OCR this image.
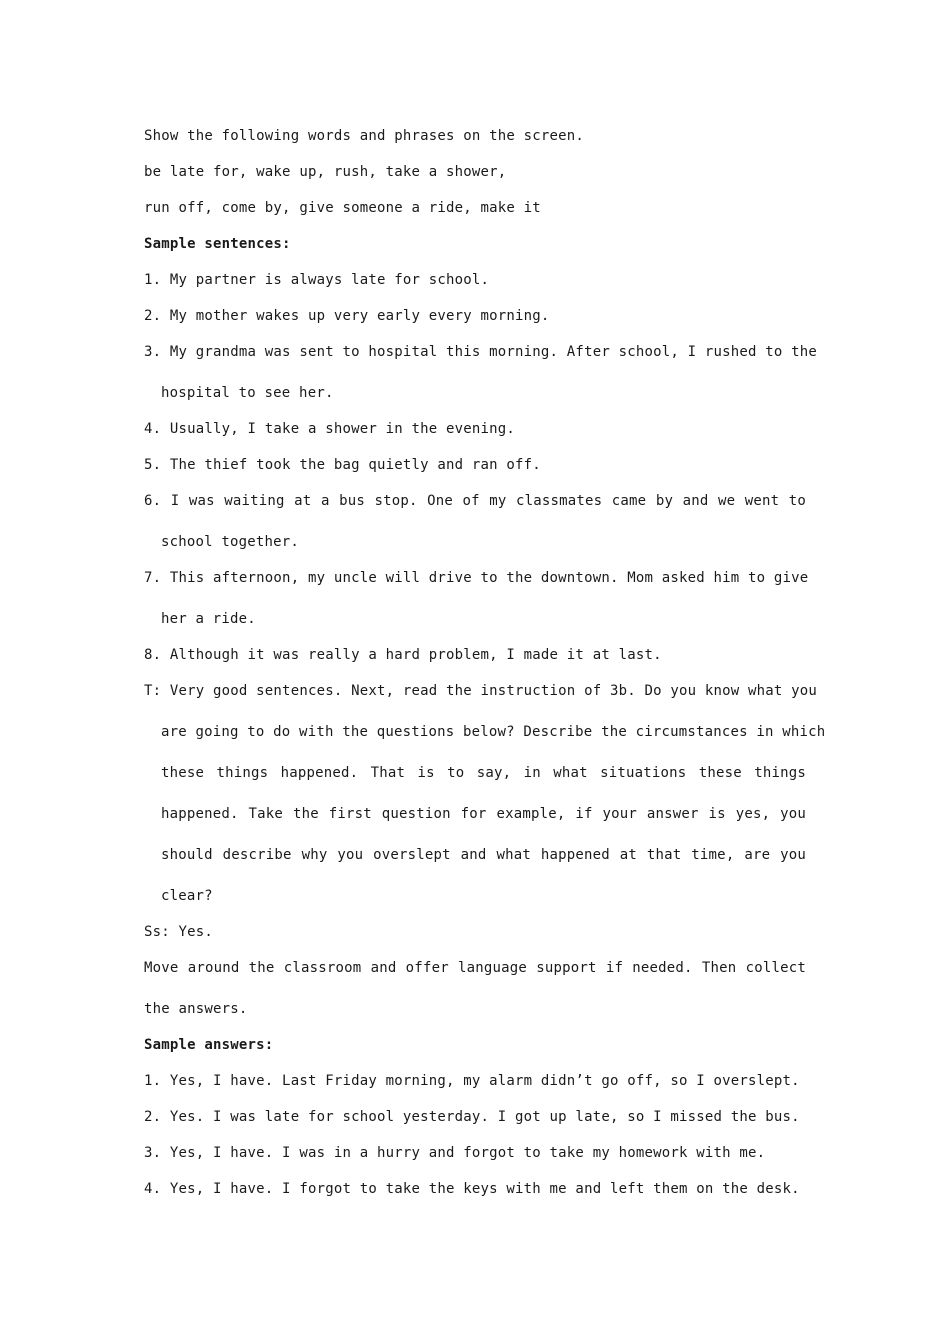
Show the following words and phrases on the screen.
be late for, wake up, rush, take a shower,
run off, come by, give someone a ride, make it
Sample sentences:
1. My partner is always late for school.
2. My mother wakes up very early every morning.
3. My grandma was sent to hospital this morning. After school, I rushed to the
hospital to see her.
4. Usually, I take a shower in the evening.
5. The thief took the bag quietly and ran off.
6. I was waiting at a bus stop. One of my classmates came by and we went to
school together.
7. This afternoon, my uncle will drive to the downtown. Mom asked him to give
her a ride.
8. Although it was really a hard problem, I made it at last.
T: Very good sentences. Next, read the instruction of 3b. Do you know what you
are going to do with the questions below? Describe the circumstances in which
these things happened. That is to say, in what situations these things
happened. Take the first question for example, if your answer is yes, you
should describe why you overslept and what happened at that time, are you
clear?
Ss: Yes.
Move around the classroom and offer language support if needed. Then collect
the answers.
Sample answers:
1. Yes, I have. Last Friday morning, my alarm didn’t go off, so I overslept.
2. Yes. I was late for school yesterday. I got up late, so I missed the bus.
3. Yes, I have. I was in a hurry and forgot to take my homework with me.
4. Yes, I have. I forgot to take the keys with me and left them on the desk.
